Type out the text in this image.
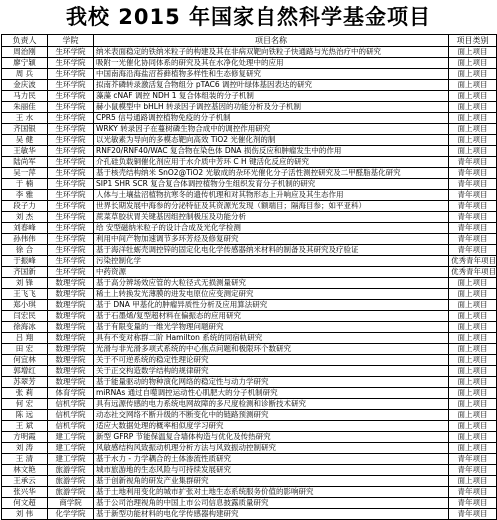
我校 2015 年国家自然科学基金项目
负责人	学院	项目名称	项目类别
周治刚	生环学院	纳米表面稳定的铁纳米粒子的构建及其在非病双靶向铁粒子快通路与光热治疗中的研究	面上项目
廖宁颖	生环学院	吸附一光催化协同体系的研究及其在水净化处理中的应用	面上项目
周 兵	生环学院	中国南海沿海盐沼苔藓植物多样性和生态修复研究	面上项目
金庆波	生环学院	拟南芥磷转录激活复合物组分 pTAC6 调控叶绿体基因表达的研究	面上项目
马力民	生环学院	藻藻 cNAF 调控 NDH 1 复合体组装的分子机制	面上项目
朱丽佳	生环学院	赫小鼠模型中 bHLH 转录因子调控基因的功能分析及分子机制	面上项目
王 水	生环学院	CPR5 信号通路调控植物免疫的分子机制	面上项目
齐国银	生环学院	WRKY 转录因子在蔓树磷生物合成中的调控作用研究	面上项目
吴 健	生环学院	以光敏素为导向的多模态靶向高效 TiO2 光催化剂的制	面上项目
王敏华	生环学院	RNF20/RNF40/WAC 复合物在染色体 DNA 损伤反应和肿瘤发生中的作用	面上项目
陆尚军	生环学院	介孔硅负载铜催化剂应用于水介质中芳环 C H 键活化反应的研究	青年项目
吴一萍	生环学院	基于核壳结构纳米 SnO2@TiO2 光敏成的杂环光催化分子活性测控研究及二甲醛脂基化研究	青年项目
于 楠	生环学院	SIP1 SHR SCR 复合复合体调控植物分生组织发育分子机制的研究	青年项目
李 雅	生环学院	人体与土壤盐沼植物抗寒冬的遗传机理和对其物形态上升响应及其生态作用	青年项目
段子力	生环学院	世界长期发展中海参的分泌特征及其资源光发现（额端目；隔海目参；如平亚科）	青年项目
刘 杰	生环学院	蔗菜草胶状胃关键基因组控制极压及功能分析	青年项目
刘春峰	生环学院	给 安型磁纳米粒子的设计合成及光化学检测	青年项目
孙伟伟	生环学院	利用中间产物加速调节多环芳烃及修复研究	青年项目
徐 合	生环学院	基于海洋牡蛎壳调控锌的固定化电化学传感器纳米材料的制备及其研究及疗验证	青年项目
于振峰	生环学院	污染控制化学	优秀青年项目
齐国新	生环学院	中药资源	优秀青年项目
刘 锋	数理学院	基于高分辨场效应管的大粒径式无损测量研究	面上项目
王飞飞	数理学院	稀土上转换发光薄膜的进发电原位应变测定研究	面上项目
郑小琪	数理学院	基于 DNA 甲基化的肿瘤异质性分析及应用算法研究	面上项目
闫宏民	数理学院	基于石墨烯/复型超材料在偏振态的应用研究	面上项目
徐海冰	数理学院	基于有限变量的一维光学物理问题研究	面上项目
吕 翔	数理学院	具有不变对称群二阶 Hamilton 系统的同宿轨研究	面上项目
田 宏	数理学院	光滑与非光滑多项式系统的中心焦点问题和极限环个数研究	面上项目
何宜林	数理学院	关于不可逆系统的稳定性理论研究	面上项目
郭增红	数理学院	关于正交构造数学结构的规律研究	面上项目
苏翠芳	数理学院	基于能量驱动的物种演化网络的稳定性与动力学研究	面上项目
张 莉	体育学院	miRNAs 通过自噬调控运动性心肌肥大的分子机制研究	面上项目
何 宏	信机学院	具有远源传感的电力系统电网故障的多尺度检测和诊断技术研究	面上项目
陈 远	信机学院	动态社交网络不断升级的不断变化中的链路预测研究	面上项目
王 斌	信机学院	适应大数据处理的概率相似度学习研究	面上项目
方明霞	建工学院	新型 GFRP 节能保温复合墙体构造与优化及传热研究	面上项目
刘 涛	建工学院	风敏感结构风致振动机理分析方法与风致振动控制研究	面上项目
王 清	建工学院	基于水力 - 力学耦合的土体渗流性质研究	青年项目
林文艳	旅游学院	城市旅游地的生态风险与可持续发展研究	青年项目
王承云	旅游学院	基于创新视角的研发产业集群研究	面上项目
张兴华	旅游学院	基于土地利用变化的城市扩张对土地生态系统服务价值的影响研究	青年项目
何文超	商学院	基于公司治理视角的中国上市公司信息披露质量研究	青年项目
刘 伟	化学学院	基于新型功能材料的电化学传感器构建研究	青年项目
